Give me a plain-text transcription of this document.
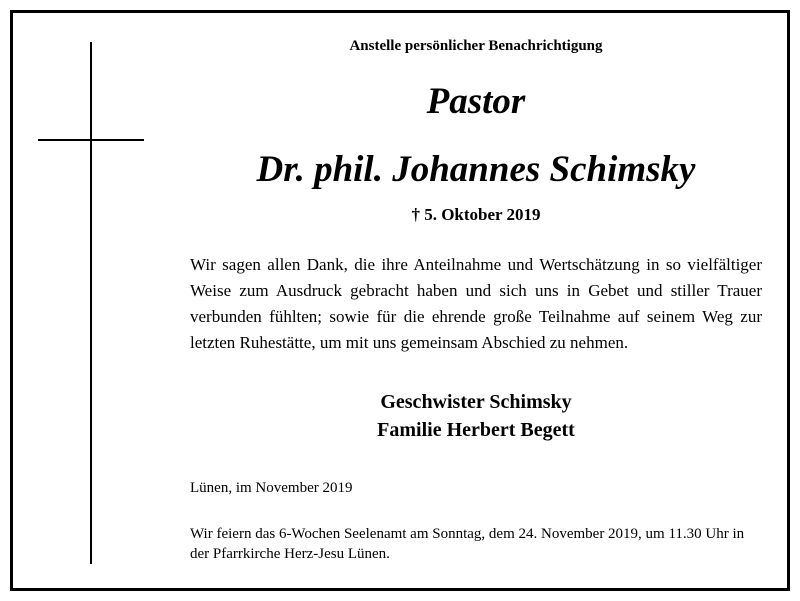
Anstelle persönlicher Benachrichtigung
Pastor
Dr. phil. Johannes Schimsky
† 5. Oktober 2019

Wir sagen allen Dank, die ihre Anteilnahme und Wertschätzung in so vielfältiger Weise zum Ausdruck gebracht haben und sich uns in Gebet und stiller Trauer verbunden fühlten; sowie für die ehrende große Teilnahme auf seinem Weg zur letzten Ruhestätte, um mit uns gemeinsam Abschied zu nehmen.

Geschwister Schimsky
Familie Herbert Begett

Lünen, im November 2019

Wir feiern das 6-Wochen Seelenamt am Sonntag, dem 24. November 2019, um 11.30 Uhr in der Pfarrkirche Herz-Jesu Lünen.
